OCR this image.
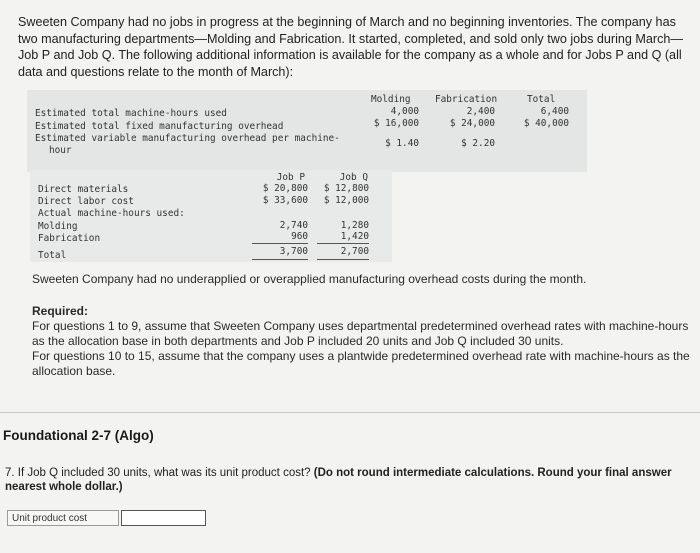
Sweeten Company had no jobs in progress at the beginning of March and no beginning inventories. The company has two manufacturing departments—Molding and Fabrication. It started, completed, and sold only two jobs during March—Job P and Job Q. The following additional information is available for the company as a whole and for Jobs P and Q (all data and questions relate to the month of March):
Molding	Fabrication	Total
Estimated total machine-hours used	4,000	2,400	6,400
Estimated total fixed manufacturing overhead	$ 16,000	$ 24,000	$ 40,000
Estimated variable manufacturing overhead per machine-
hour
$ 1.40	$ 2.20
Job P	Job Q
Direct materials	$ 20,800	$ 12,800
Direct labor cost	$ 33,600	$ 12,000
Actual machine-hours used:
Molding	2,740	1,280
Fabrication	960	1,420
Total	3,700	2,700
Sweeten Company had no underapplied or overapplied manufacturing overhead costs during the month.
Required:
For questions 1 to 9, assume that Sweeten Company uses departmental predetermined overhead rates with machine-hours as the allocation base in both departments and Job P included 20 units and Job Q included 30 units.
For questions 10 to 15, assume that the company uses a plantwide predetermined overhead rate with machine-hours as the allocation base.
Foundational 2-7 (Algo)
7. If Job Q included 30 units, what was its unit product cost? (Do not round intermediate calculations. Round your final answer
nearest whole dollar.)
Unit product cost
